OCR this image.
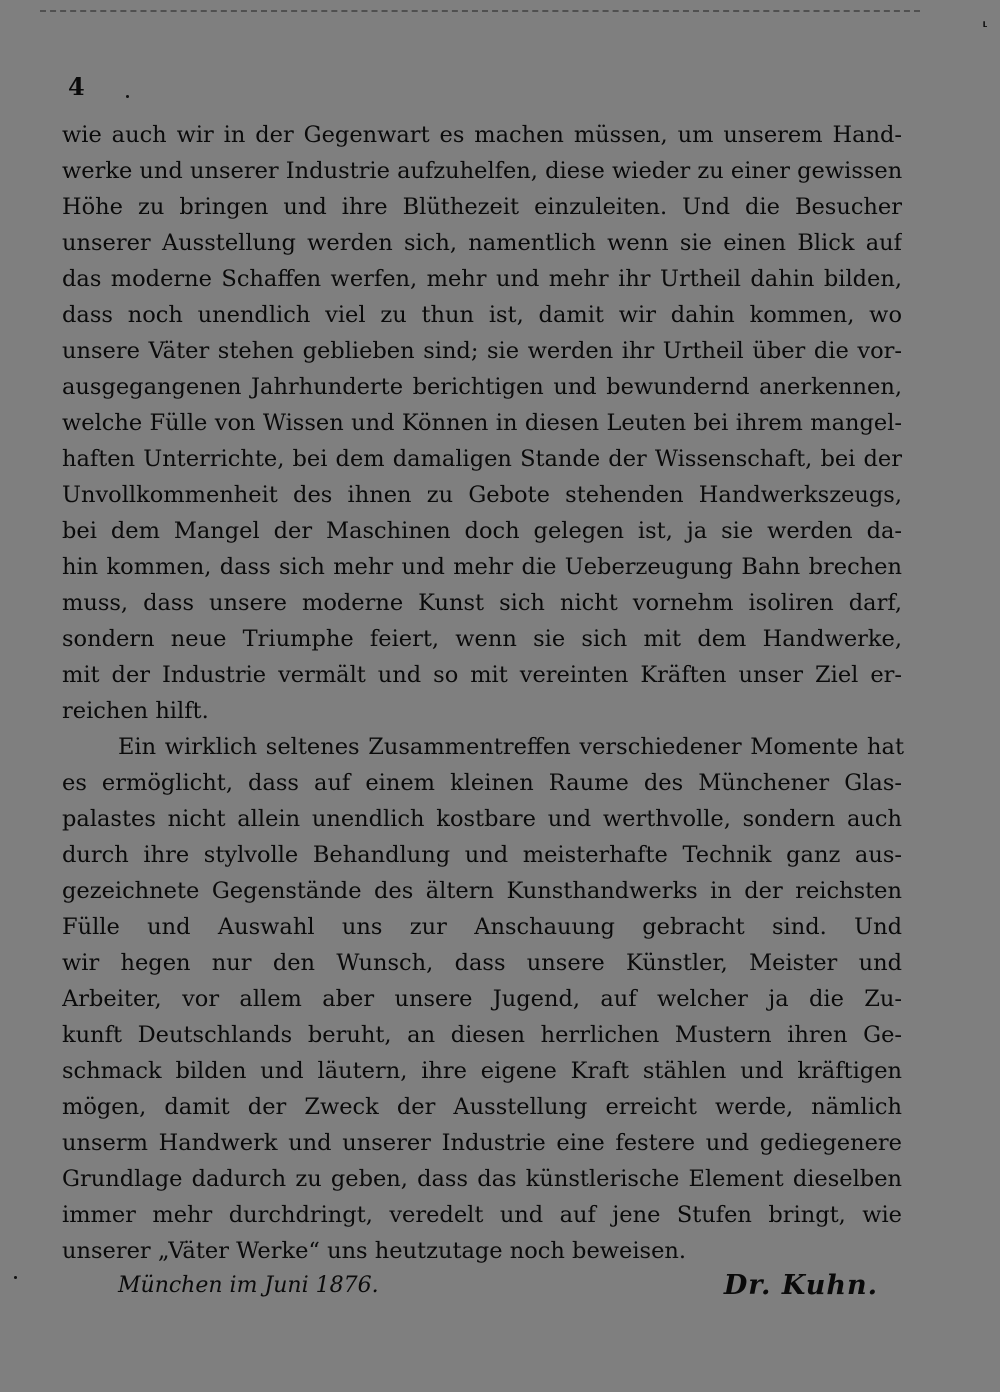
⸤
4
wie auch wir in der Gegenwart es machen müssen, um unserem Hand-
werke und unserer Industrie aufzuhelfen, diese wieder zu einer gewissen
Höhe zu bringen und ihre Blüthezeit einzuleiten. Und die Besucher
unserer Ausstellung werden sich, namentlich wenn sie einen Blick auf
das moderne Schaffen werfen, mehr und mehr ihr Urtheil dahin bilden,
dass noch unendlich viel zu thun ist, damit wir dahin kommen, wo
unsere Väter stehen geblieben sind; sie werden ihr Urtheil über die vor-
ausgegangenen Jahrhunderte berichtigen und bewundernd anerkennen,
welche Fülle von Wissen und Können in diesen Leuten bei ihrem mangel-
haften Unterrichte, bei dem damaligen Stande der Wissenschaft, bei der
Unvollkommenheit des ihnen zu Gebote stehenden Handwerkszeugs,
bei dem Mangel der Maschinen doch gelegen ist, ja sie werden da-
hin kommen, dass sich mehr und mehr die Ueberzeugung Bahn brechen
muss, dass unsere moderne Kunst sich nicht vornehm isoliren darf,
sondern neue Triumphe feiert, wenn sie sich mit dem Handwerke,
mit der Industrie vermält und so mit vereinten Kräften unser Ziel er-
reichen hilft.
Ein wirklich seltenes Zusammentreffen verschiedener Momente hat
es ermöglicht, dass auf einem kleinen Raume des Münchener Glas-
palastes nicht allein unendlich kostbare und werthvolle, sondern auch
durch ihre stylvolle Behandlung und meisterhafte Technik ganz aus-
gezeichnete Gegenstände des ältern Kunsthandwerks in der reichsten
Fülle und Auswahl uns zur Anschauung gebracht sind. Und
wir hegen nur den Wunsch, dass unsere Künstler, Meister und
Arbeiter, vor allem aber unsere Jugend, auf welcher ja die Zu-
kunft Deutschlands beruht, an diesen herrlichen Mustern ihren Ge-
schmack bilden und läutern, ihre eigene Kraft stählen und kräftigen
mögen, damit der Zweck der Ausstellung erreicht werde, nämlich
unserm Handwerk und unserer Industrie eine festere und gediegenere
Grundlage dadurch zu geben, dass das künstlerische Element dieselben
immer mehr durchdringt, veredelt und auf jene Stufen bringt, wie
unserer „Väter Werke“ uns heutzutage noch beweisen.
München im Juni 1876.	Dr. Kuhn.
